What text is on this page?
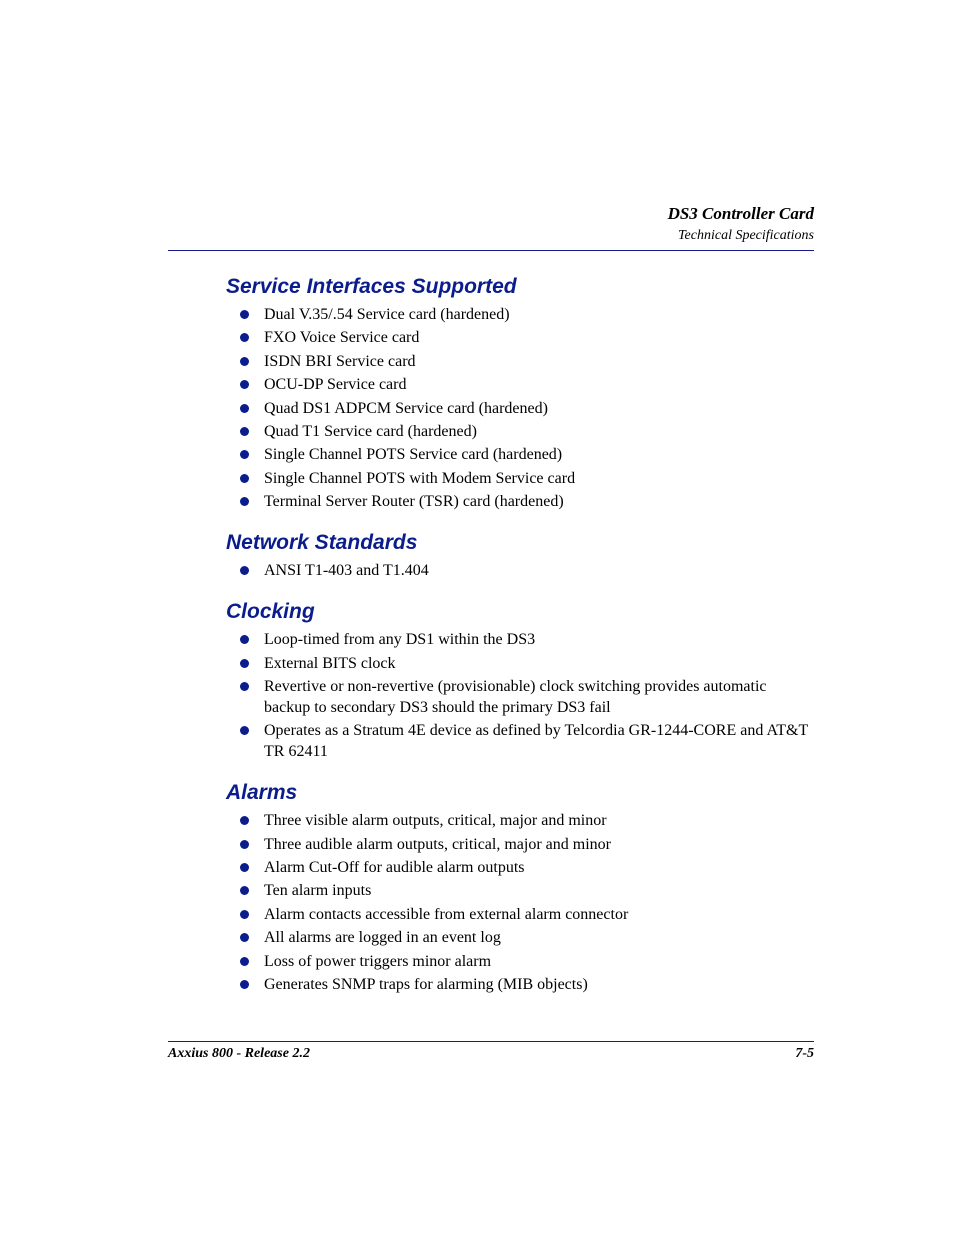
DS3 Controller Card
Technical Specifications
Service Interfaces Supported
Dual V.35/.54 Service card (hardened)
FXO Voice Service card
ISDN BRI Service card
OCU-DP Service card
Quad DS1 ADPCM Service card (hardened)
Quad T1 Service card (hardened)
Single Channel POTS Service card (hardened)
Single Channel POTS with Modem Service card
Terminal Server Router (TSR) card (hardened)
Network Standards
ANSI T1-403 and T1.404
Clocking
Loop-timed from any DS1 within the DS3
External BITS clock
Revertive or non-revertive (provisionable) clock switching provides automatic backup to secondary DS3 should the primary DS3 fail
Operates as a Stratum 4E device as defined by Telcordia GR-1244-CORE and AT&T TR 62411
Alarms
Three visible alarm outputs, critical, major and minor
Three audible alarm outputs, critical, major and minor
Alarm Cut-Off for audible alarm outputs
Ten alarm inputs
Alarm contacts accessible from external alarm connector
All alarms are logged in an event log
Loss of power triggers minor alarm
Generates SNMP traps for alarming (MIB objects)
Axxius 800 - Release 2.2	7-5
